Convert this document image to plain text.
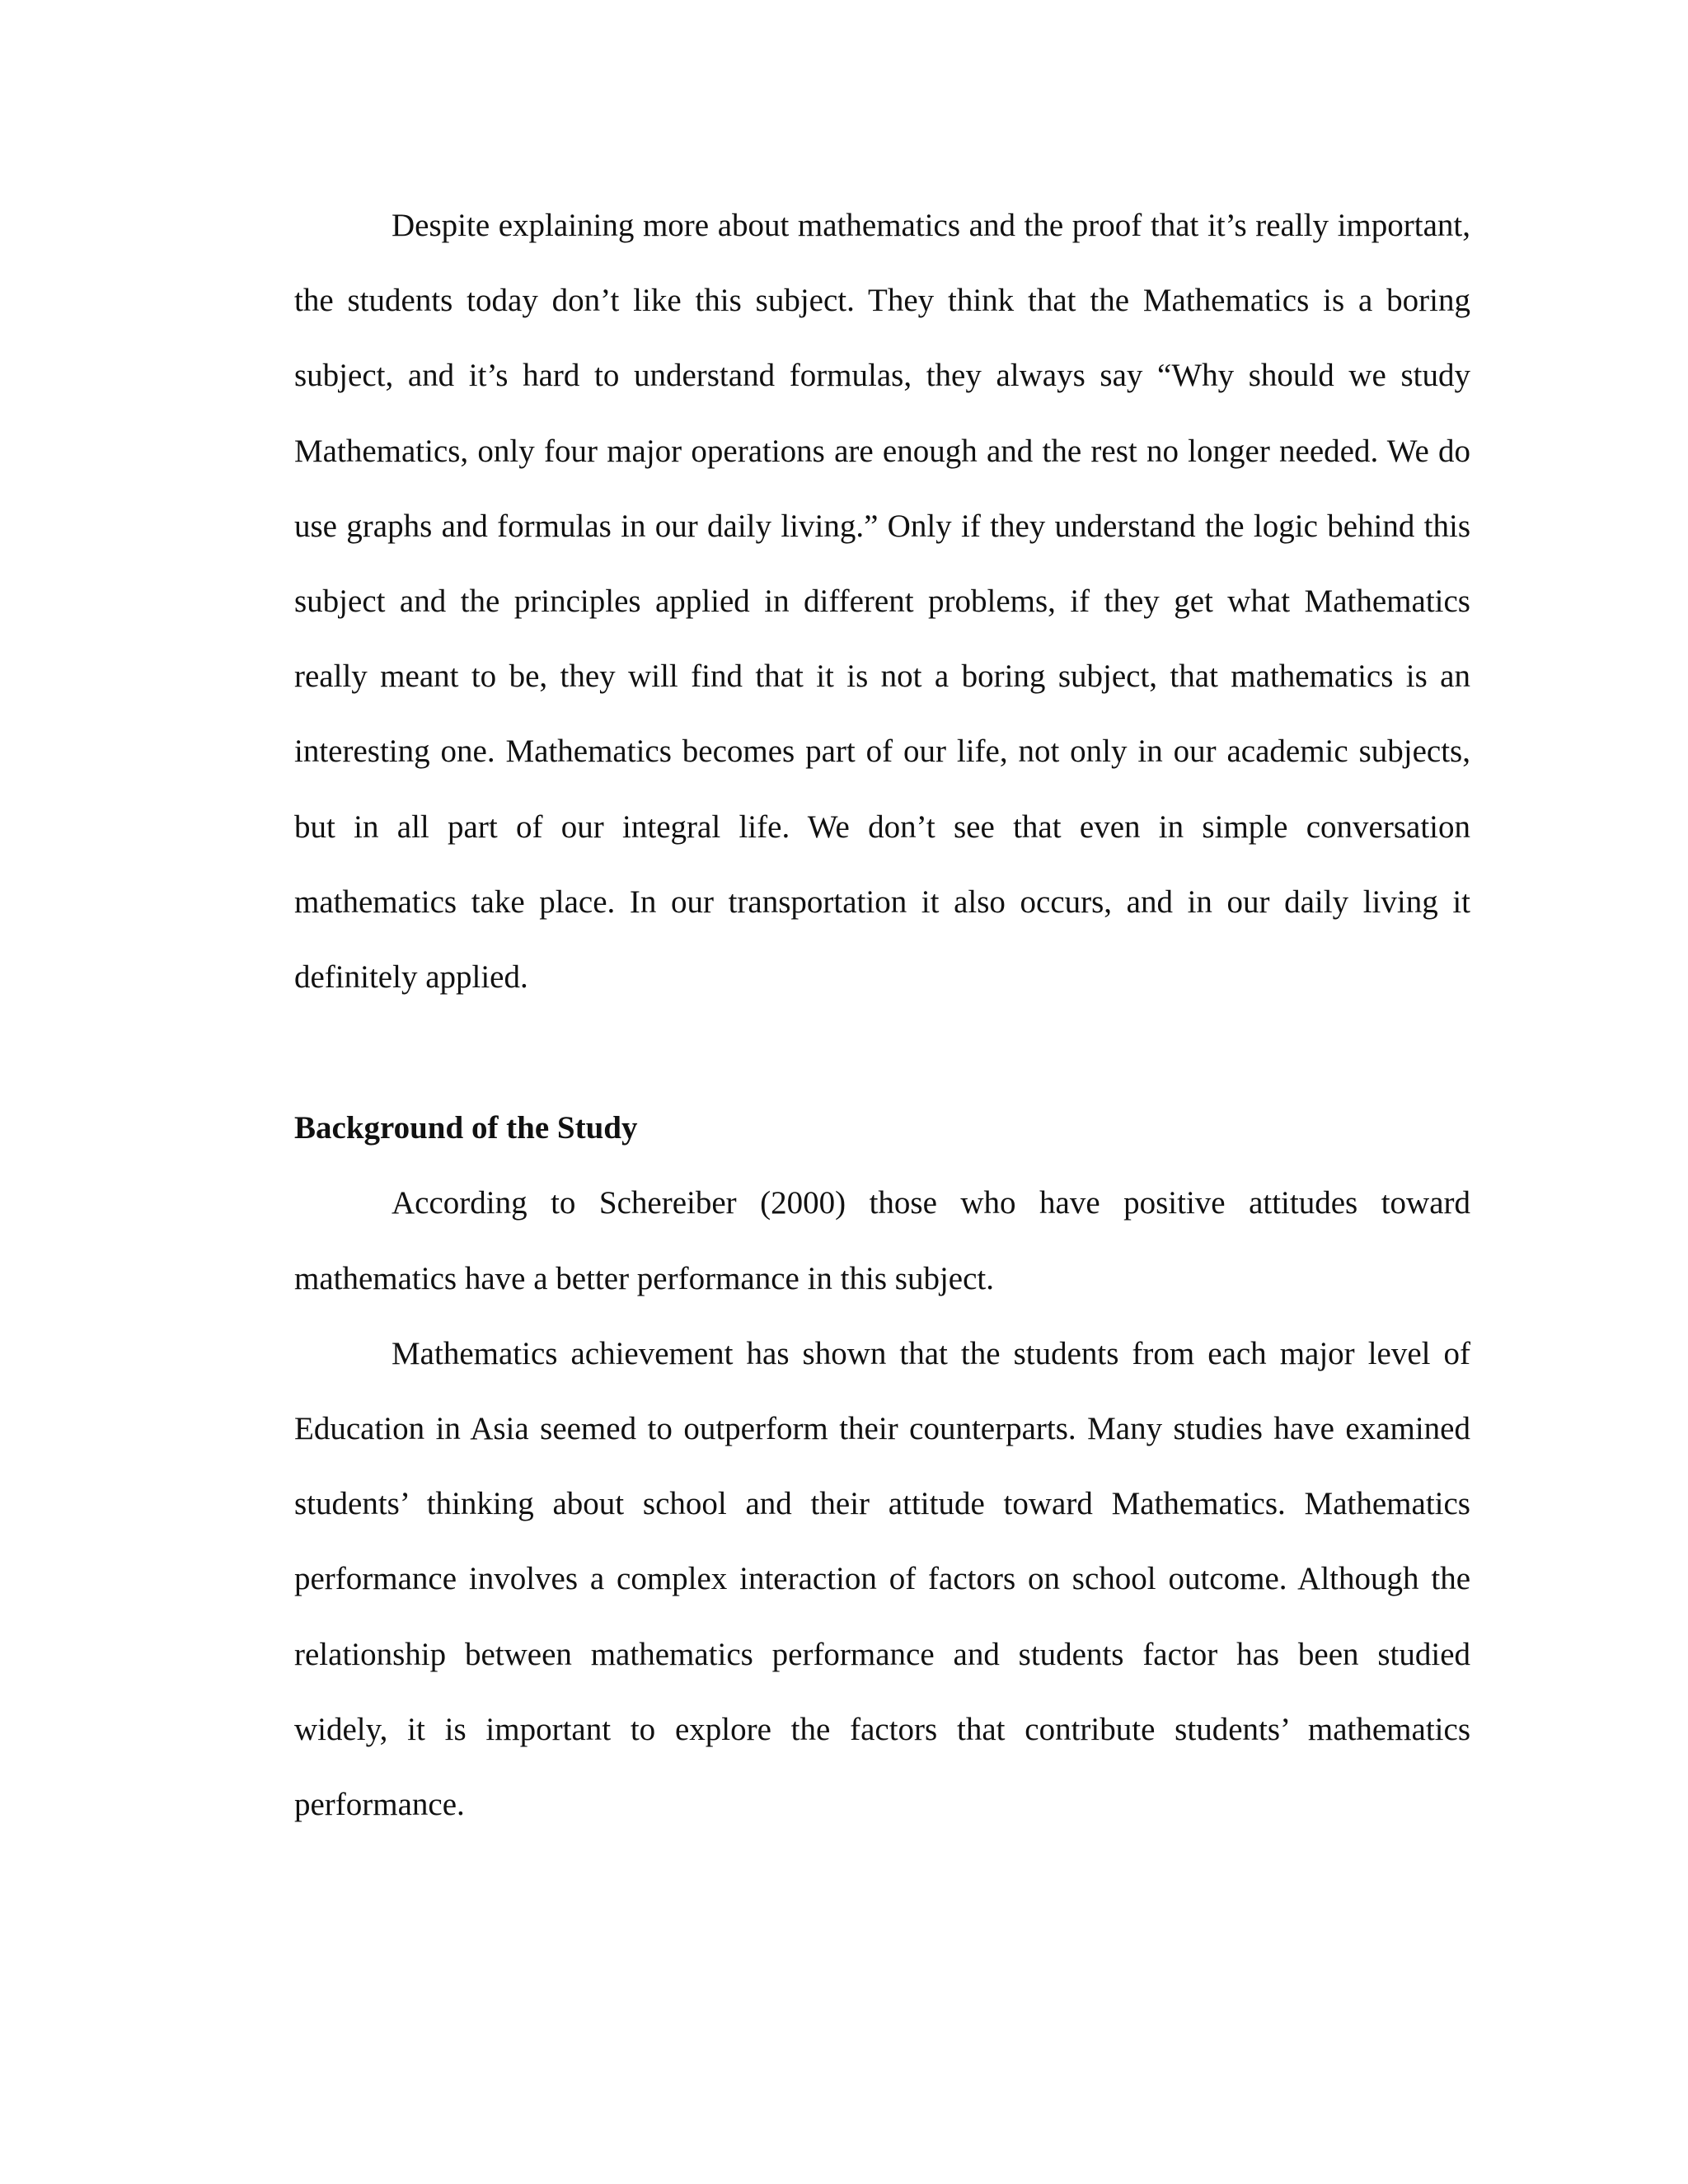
Despite explaining more about mathematics and the proof that it’s really important, the students today don’t like this subject. They think that the Mathematics is a boring subject, and it’s hard to understand formulas, they always say “Why should we study Mathematics, only four major operations are enough and the rest no longer needed. We do use graphs and formulas in our daily living.” Only if they understand the logic behind this subject and the principles applied in different problems, if they get what Mathematics really meant to be, they will find that it is not a boring subject, that mathematics is an interesting one. Mathematics becomes part of our life, not only in our academic subjects, but in all part of our integral life. We don’t see that even in simple conversation mathematics take place. In our transportation it also occurs, and in our daily living it definitely applied.

Background of the Study

According to Schereiber (2000) those who have positive attitudes toward mathematics have a better performance in this subject.

Mathematics achievement has shown that the students from each major level of Education in Asia seemed to outperform their counterparts. Many studies have examined students’ thinking about school and their attitude toward Mathematics. Mathematics performance involves a complex interaction of factors on school outcome. Although the relationship between mathematics performance and students factor has been studied widely, it is important to explore the factors that contribute students’ mathematics performance.
